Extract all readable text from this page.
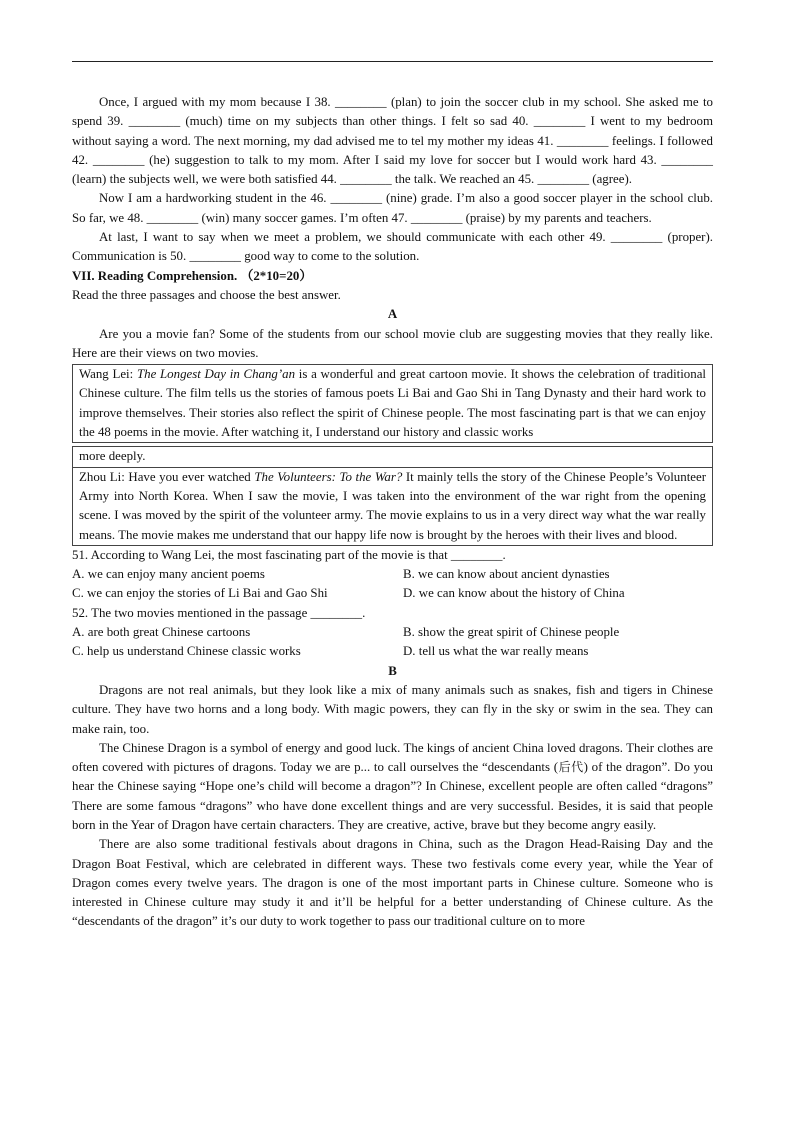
Once, I argued with my mom because I 38. ________ (plan) to join the soccer club in my school. She asked me to spend 39. ________ (much) time on my subjects than other things. I felt so sad 40. ________ I went to my bedroom without saying a word. The next morning, my dad advised me to tel my mother my ideas 41. ________ feelings. I followed 42. ________ (he) suggestion to talk to my mom. After I said my love for soccer but I would work hard 43. ________ (learn) the subjects well, we were both satisfied 44. ________ the talk. We reached an 45. ________ (agree).

Now I am a hardworking student in the 46. ________ (nine) grade. I’m also a good soccer player in the school club. So far, we 48. ________ (win) many soccer games. I’m often 47. ________ (praise) by my parents and teachers.

At last, I want to say when we meet a problem, we should communicate with each other 49. ________ (proper). Communication is 50. ________ good way to come to the solution.

VII. Reading Comprehension. （2*10=20）

Read the three passages and choose the best answer.

A

Are you a movie fan? Some of the students from our school movie club are suggesting movies that they really like. Here are their views on two movies.

Wang Lei: The Longest Day in Chang’an is a wonderful and great cartoon movie. It shows the celebration of traditional Chinese culture. The film tells us the stories of famous poets Li Bai and Gao Shi in Tang Dynasty and their hard work to improve themselves. Their stories also reflect the spirit of Chinese people. The most fascinating part is that we can enjoy the 48 poems in the movie. After watching it, I understand our history and classic works

more deeply.

Zhou Li: Have you ever watched The Volunteers: To the War? It mainly tells the story of the Chinese People’s Volunteer Army into North Korea. When I saw the movie, I was taken into the environment of the war right from the opening scene. I was moved by the spirit of the volunteer army. The movie explains to us in a very direct way what the war really means. The movie makes me understand that our happy life now is brought by the heroes with their lives and blood.

51. According to Wang Lei, the most fascinating part of the movie is that ________.

A. we can enjoy many ancient poems	B. we can know about ancient dynasties
C. we can enjoy the stories of Li Bai and Gao Shi	D. we can know about the history of China

52. The two movies mentioned in the passage ________.

A. are both great Chinese cartoons	B. show the great spirit of Chinese people
C. help us understand Chinese classic works	D. tell us what the war really means

B

Dragons are not real animals, but they look like a mix of many animals such as snakes, fish and tigers in Chinese culture. They have two horns and a long body. With magic powers, they can fly in the sky or swim in the sea. They can make rain, too.

The Chinese Dragon is a symbol of energy and good luck. The kings of ancient China loved dragons. Their clothes are often covered with pictures of dragons. Today we are p... to call ourselves the “descendants (后代) of the dragon”. Do you hear the Chinese saying “Hope one’s child will become a dragon”? In Chinese, excellent people are often called “dragons” There are some famous “dragons” who have done excellent things and are very successful. Besides, it is said that people born in the Year of Dragon have certain characters. They are creative, active, brave but they become angry easily.

There are also some traditional festivals about dragons in China, such as the Dragon Head-Raising Day and the Dragon Boat Festival, which are celebrated in different ways. These two festivals come every year, while the Year of Dragon comes every twelve years. The dragon is one of the most important parts in Chinese culture. Someone who is interested in Chinese culture may study it and it’ll be helpful for a better understanding of Chinese culture. As the “descendants of the dragon” it’s our duty to work together to pass our traditional culture on to more
